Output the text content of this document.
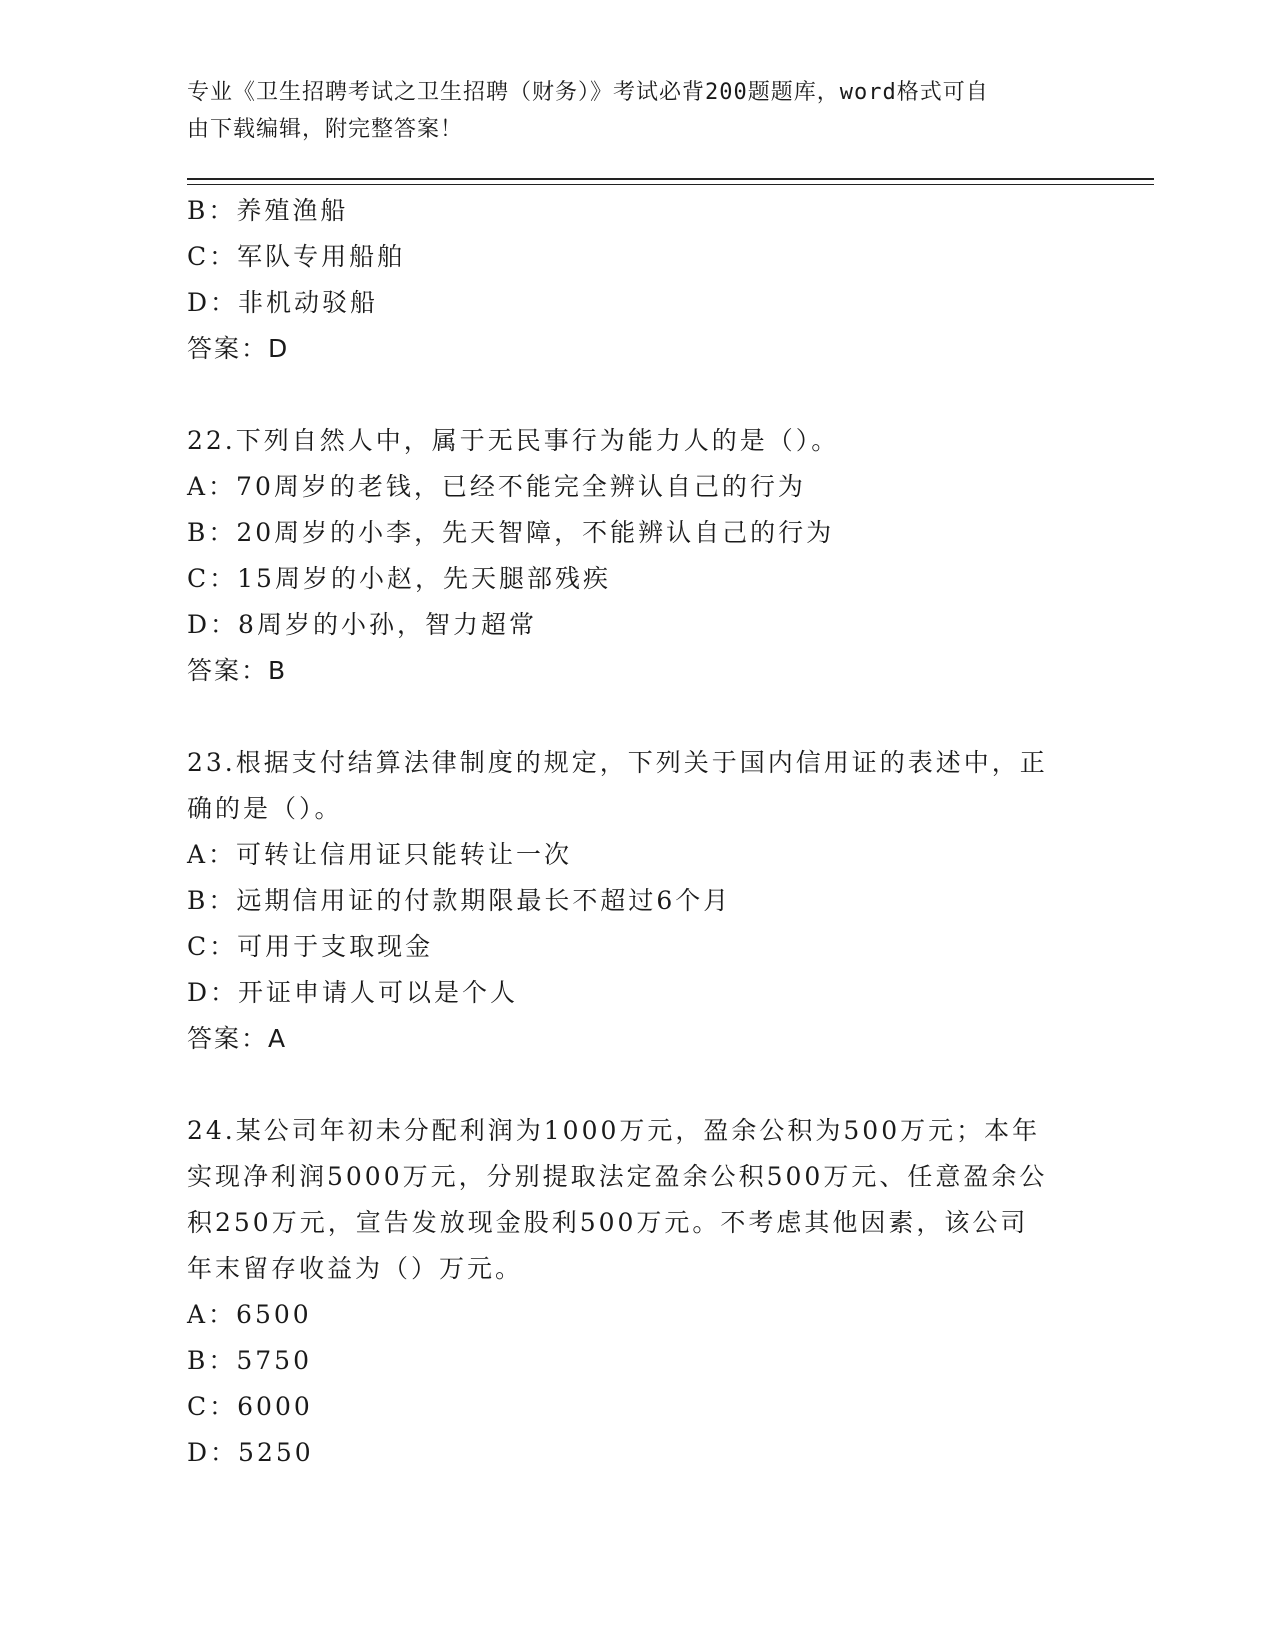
专业《卫生招聘考试之卫生招聘（财务）》考试必背200题题库，word格式可自
由下载编辑，附完整答案！
B：养殖渔船
C：军队专用船舶
D：非机动驳船
答案：D
22.下列自然人中，属于无民事行为能力人的是（）。
A：70周岁的老钱，已经不能完全辨认自己的行为
B：20周岁的小李，先天智障，不能辨认自己的行为
C：15周岁的小赵，先天腿部残疾
D：8周岁的小孙，智力超常
答案：B
23.根据支付结算法律制度的规定，下列关于国内信用证的表述中，正
确的是（）。
A：可转让信用证只能转让一次
B：远期信用证的付款期限最长不超过6个月
C：可用于支取现金
D：开证申请人可以是个人
答案：A
24.某公司年初未分配利润为1000万元，盈余公积为500万元；本年
实现净利润5000万元，分别提取法定盈余公积500万元、任意盈余公
积250万元，宣告发放现金股利500万元。不考虑其他因素，该公司
年末留存收益为（）万元。
A：6500
B：5750
C：6000
D：5250
